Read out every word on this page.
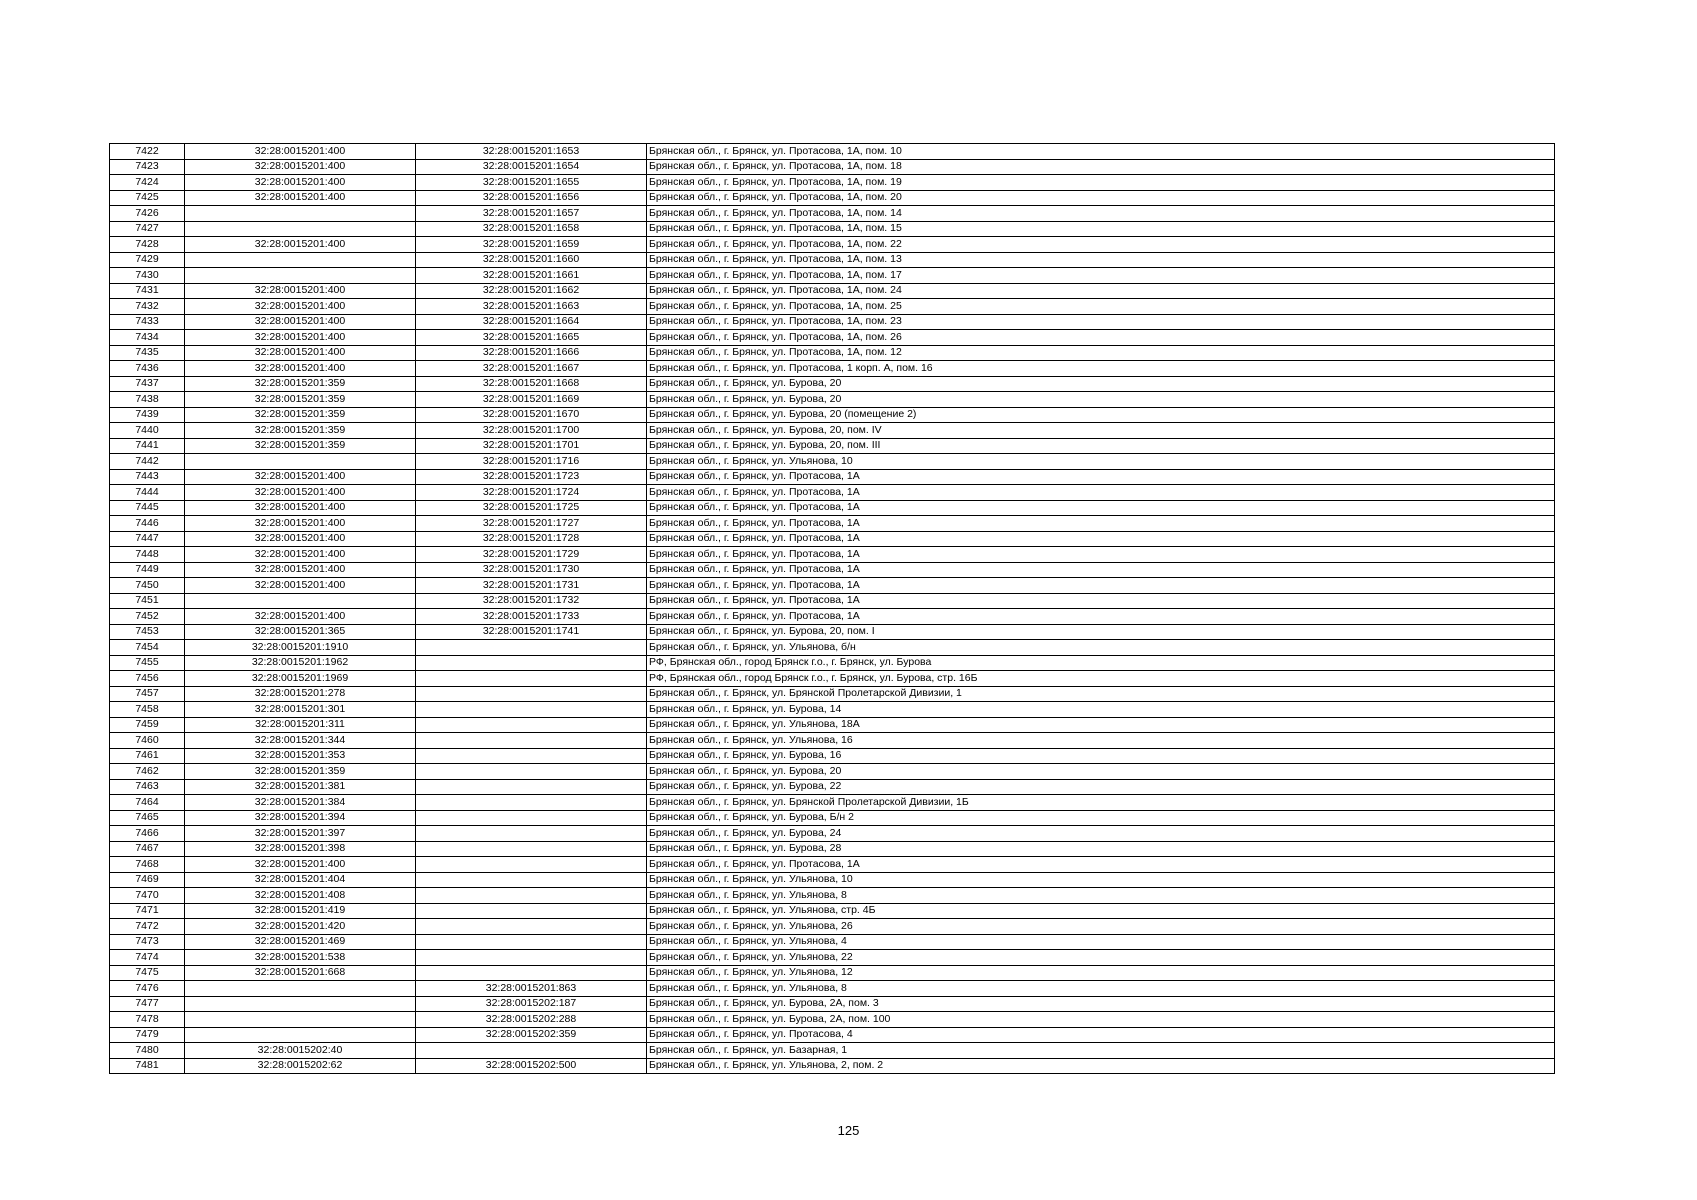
7422	32:28:0015201:400	32:28:0015201:1653	Брянская обл., г. Брянск, ул. Протасова, 1А, пом. 10
7423	32:28:0015201:400	32:28:0015201:1654	Брянская обл., г. Брянск, ул. Протасова, 1А, пом. 18
7424	32:28:0015201:400	32:28:0015201:1655	Брянская обл., г. Брянск, ул. Протасова, 1А, пом. 19
7425	32:28:0015201:400	32:28:0015201:1656	Брянская обл., г. Брянск, ул. Протасова, 1А, пом. 20
7426		32:28:0015201:1657	Брянская обл., г. Брянск, ул. Протасова, 1А, пом. 14
7427		32:28:0015201:1658	Брянская обл., г. Брянск, ул. Протасова, 1А, пом. 15
7428	32:28:0015201:400	32:28:0015201:1659	Брянская обл., г. Брянск, ул. Протасова, 1А, пом. 22
7429		32:28:0015201:1660	Брянская обл., г. Брянск, ул. Протасова, 1А, пом. 13
7430		32:28:0015201:1661	Брянская обл., г. Брянск, ул. Протасова, 1А, пом. 17
7431	32:28:0015201:400	32:28:0015201:1662	Брянская обл., г. Брянск, ул. Протасова, 1А, пом. 24
7432	32:28:0015201:400	32:28:0015201:1663	Брянская обл., г. Брянск, ул. Протасова, 1А, пом. 25
7433	32:28:0015201:400	32:28:0015201:1664	Брянская обл., г. Брянск, ул. Протасова, 1А, пом. 23
7434	32:28:0015201:400	32:28:0015201:1665	Брянская обл., г. Брянск, ул. Протасова, 1А, пом. 26
7435	32:28:0015201:400	32:28:0015201:1666	Брянская обл., г. Брянск, ул. Протасова, 1А, пом. 12
7436	32:28:0015201:400	32:28:0015201:1667	Брянская обл., г. Брянск, ул. Протасова, 1 корп. А, пом. 16
7437	32:28:0015201:359	32:28:0015201:1668	Брянская обл., г. Брянск, ул. Бурова, 20
7438	32:28:0015201:359	32:28:0015201:1669	Брянская обл., г. Брянск, ул. Бурова, 20
7439	32:28:0015201:359	32:28:0015201:1670	Брянская обл., г. Брянск, ул. Бурова, 20 (помещение 2)
7440	32:28:0015201:359	32:28:0015201:1700	Брянская обл., г. Брянск, ул. Бурова, 20, пом. IV
7441	32:28:0015201:359	32:28:0015201:1701	Брянская обл., г. Брянск, ул. Бурова, 20, пом. III
7442		32:28:0015201:1716	Брянская обл., г. Брянск, ул. Ульянова, 10
7443	32:28:0015201:400	32:28:0015201:1723	Брянская обл., г. Брянск, ул. Протасова, 1А
7444	32:28:0015201:400	32:28:0015201:1724	Брянская обл., г. Брянск, ул. Протасова, 1А
7445	32:28:0015201:400	32:28:0015201:1725	Брянская обл., г. Брянск, ул. Протасова, 1А
7446	32:28:0015201:400	32:28:0015201:1727	Брянская обл., г. Брянск, ул. Протасова, 1А
7447	32:28:0015201:400	32:28:0015201:1728	Брянская обл., г. Брянск, ул. Протасова, 1А
7448	32:28:0015201:400	32:28:0015201:1729	Брянская обл., г. Брянск, ул. Протасова, 1А
7449	32:28:0015201:400	32:28:0015201:1730	Брянская обл., г. Брянск, ул. Протасова, 1А
7450	32:28:0015201:400	32:28:0015201:1731	Брянская обл., г. Брянск, ул. Протасова, 1А
7451		32:28:0015201:1732	Брянская обл., г. Брянск, ул. Протасова, 1А
7452	32:28:0015201:400	32:28:0015201:1733	Брянская обл., г. Брянск, ул. Протасова, 1А
7453	32:28:0015201:365	32:28:0015201:1741	Брянская обл., г. Брянск, ул. Бурова, 20, пом. I
7454	32:28:0015201:1910		Брянская обл., г. Брянск, ул. Ульянова, б/н
7455	32:28:0015201:1962		РФ, Брянская обл., город Брянск г.о., г. Брянск, ул. Бурова
7456	32:28:0015201:1969		РФ, Брянская обл., город Брянск г.о., г. Брянск, ул. Бурова, стр. 16Б
7457	32:28:0015201:278		Брянская обл., г. Брянск, ул. Брянской Пролетарской Дивизии, 1
7458	32:28:0015201:301		Брянская обл., г. Брянск, ул. Бурова, 14
7459	32:28:0015201:311		Брянская обл., г. Брянск, ул. Ульянова, 18А
7460	32:28:0015201:344		Брянская обл., г. Брянск, ул. Ульянова, 16
7461	32:28:0015201:353		Брянская обл., г. Брянск, ул. Бурова, 16
7462	32:28:0015201:359		Брянская обл., г. Брянск, ул. Бурова, 20
7463	32:28:0015201:381		Брянская обл., г. Брянск, ул. Бурова, 22
7464	32:28:0015201:384		Брянская обл., г. Брянск, ул. Брянской Пролетарской Дивизии, 1Б
7465	32:28:0015201:394		Брянская обл., г. Брянск, ул. Бурова, Б/н 2
7466	32:28:0015201:397		Брянская обл., г. Брянск, ул. Бурова, 24
7467	32:28:0015201:398		Брянская обл., г. Брянск, ул. Бурова, 28
7468	32:28:0015201:400		Брянская обл., г. Брянск, ул. Протасова, 1А
7469	32:28:0015201:404		Брянская обл., г. Брянск, ул. Ульянова, 10
7470	32:28:0015201:408		Брянская обл., г. Брянск, ул. Ульянова, 8
7471	32:28:0015201:419		Брянская обл., г. Брянск, ул. Ульянова, стр. 4Б
7472	32:28:0015201:420		Брянская обл., г. Брянск, ул. Ульянова, 26
7473	32:28:0015201:469		Брянская обл., г. Брянск, ул. Ульянова, 4
7474	32:28:0015201:538		Брянская обл., г. Брянск, ул. Ульянова, 22
7475	32:28:0015201:668		Брянская обл., г. Брянск, ул. Ульянова, 12
7476		32:28:0015201:863	Брянская обл., г. Брянск, ул. Ульянова, 8
7477		32:28:0015202:187	Брянская обл., г. Брянск, ул. Бурова, 2А, пом. 3
7478		32:28:0015202:288	Брянская обл., г. Брянск, ул. Бурова, 2А, пом. 100
7479		32:28:0015202:359	Брянская обл., г. Брянск, ул. Протасова, 4
7480	32:28:0015202:40		Брянская обл., г. Брянск, ул. Базарная, 1
7481	32:28:0015202:62	32:28:0015202:500	Брянская обл., г. Брянск, ул. Ульянова, 2, пом. 2
125
